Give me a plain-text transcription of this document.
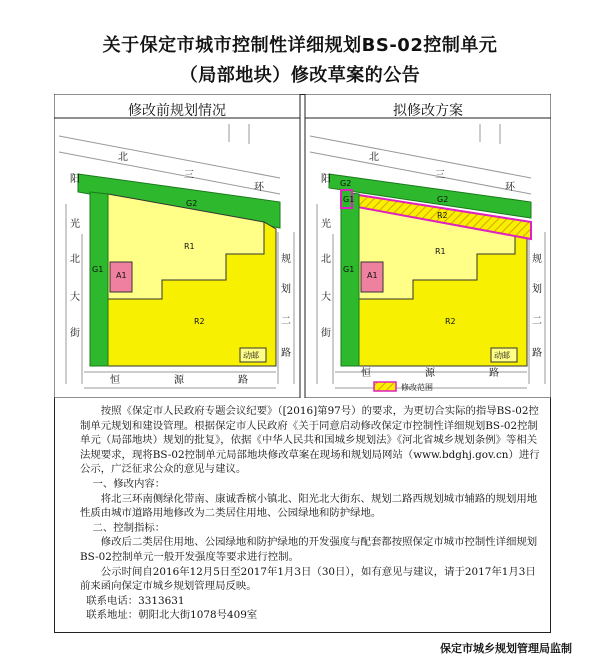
关于保定市城市控制性详细规划BS-02控制单元
（局部地块）修改草案的公告
北
三
环
阳
光
北
大
街
规
划
二
路
恒	源	路
G2
G1
R1
R2
A1
动邮
北
三
环
阳
光
北
大
街
规
划
二
路
恒	源	路
G2
G2
G1
G1
R1
R2
R2
A1
动邮
修改范围
修改前规划情况	拟修改方案

按照《保定市人民政府专题会议纪要》（[2016]第97号）的要求，为更切合实际的指导BS-02控制单元规划和建设管理。根据保定市人民政府《关于同意启动修改保定市控制性详细规划BS-02控制单元（局部地块）规划的批复》，依据《中华人民共和国城乡规划法》《河北省城乡规划条例》等相关法规要求，现将BS-02控制单元局部地块修改草案在现场和规划局网站（www.bdghj.gov.cn）进行公示，广泛征求公众的意见与建议。

一、修改内容：

将北三环南侧绿化带南、康诚香槟小镇北、阳光北大街东、规划二路西规划城市辅路的规划用地性质由城市道路用地修改为二类居住用地、公园绿地和防护绿地。

二、控制指标：

修改后二类居住用地、公园绿地和防护绿地的开发强度与配套都按照保定市城市控制性详细规划BS-02控制单元一般开发强度等要求进行控制。

公示时间自2016年12月5日至2017年1月3日（30日），如有意见与建议，请于2017年1月3日前来函向保定市城乡规划管理局反映。

联系电话：3313631

联系地址：朝阳北大街1078号409室

保定市城乡规划管理局监制
